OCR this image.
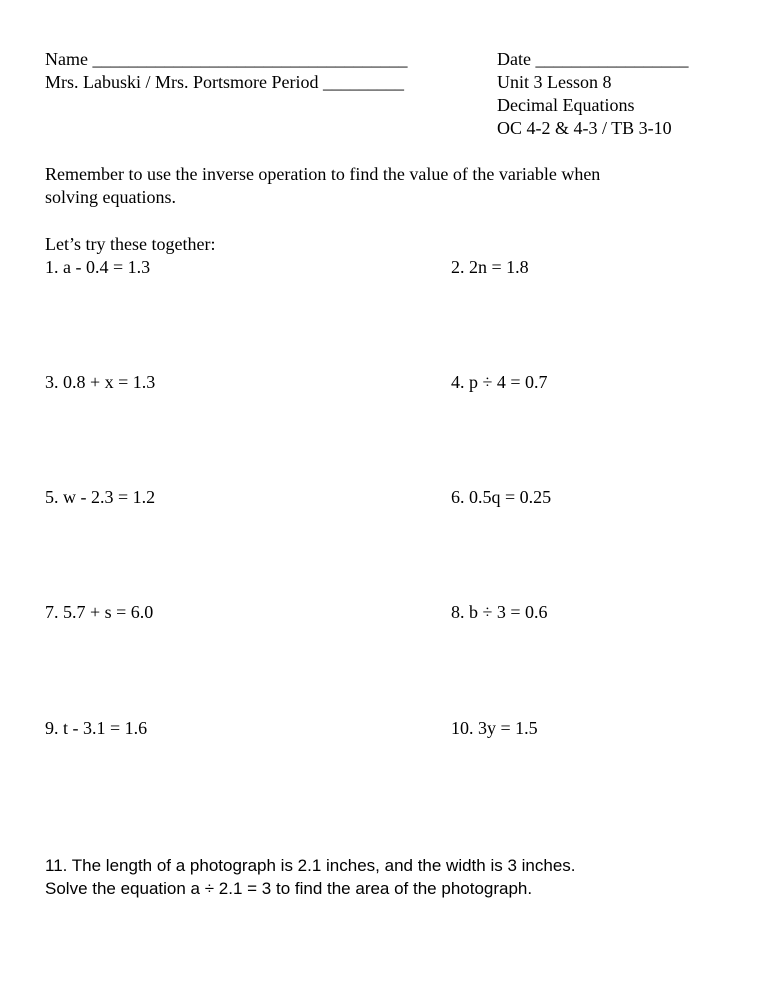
Name ___________________________________
Mrs. Labuski / Mrs. Portsmore Period _________
Date _________________
Unit 3 Lesson 8
Decimal Equations
OC 4-2 & 4-3 / TB 3-10
Remember to use the inverse operation to find the value of the variable when
solving equations.
Let’s try these together:
1. a - 0.4 = 1.3	2. 2n = 1.8
3. 0.8 + x = 1.3	4. p ÷ 4 = 0.7
5. w - 2.3 = 1.2	6. 0.5q = 0.25
7. 5.7 + s = 6.0	8. b ÷ 3 = 0.6
9. t - 3.1 = 1.6	10. 3y = 1.5
11. The length of a photograph is 2.1 inches, and the width is 3 inches.
Solve the equation a ÷ 2.1 = 3 to find the area of the photograph.
